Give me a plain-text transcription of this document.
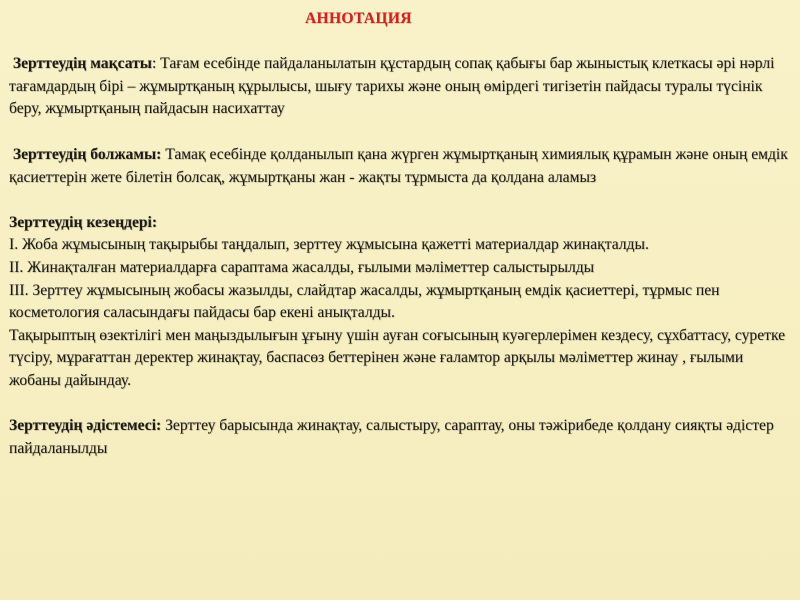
АННОТАЦИЯ

Зерттеудің мақсаты: Тағам есебінде пайдаланылатын құстардың сопақ қабығы бар жыныстық клеткасы әрі нәрлі тағамдардың бірі – жұмыртқаның құрылысы, шығу тарихы және оның өмірдегі тигізетін пайдасы туралы түсінік беру, жұмыртқаның пайдасын насихаттау

Зерттеудің болжамы: Тамақ есебінде қолданылып қана жүрген жұмыртқаның химиялық құрамын және оның емдік қасиеттерін жете білетін болсақ, жұмыртқаны жан - жақты тұрмыста да қолдана аламыз

Зерттеудің кезеңдері:

I. Жоба жұмысының тақырыбы таңдалып, зерттеу жұмысына қажетті материалдар жинақталды.

II. Жинақталған материалдарға сараптама жасалды, ғылыми мәліметтер салыстырылды

III. Зерттеу жұмысының жобасы жазылды, слайдтар жасалды, жұмыртқаның емдік қасиеттері, тұрмыс пен косметология саласындағы пайдасы бар екені анықталды.

Тақырыптың өзектілігі мен маңыздылығын ұғыну үшін ауған соғысының куәгерлерімен кездесу, сұхбаттасу, суретке түсіру, мұрағаттан деректер жинақтау, баспасөз беттерінен және ғаламтор арқылы мәліметтер жинау , ғылыми жобаны дайындау.

Зерттеудің әдістемесі: Зерттеу барысында жинақтау, салыстыру, сараптау, оны тәжірибеде қолдану сияқты әдістер пайдаланылды
